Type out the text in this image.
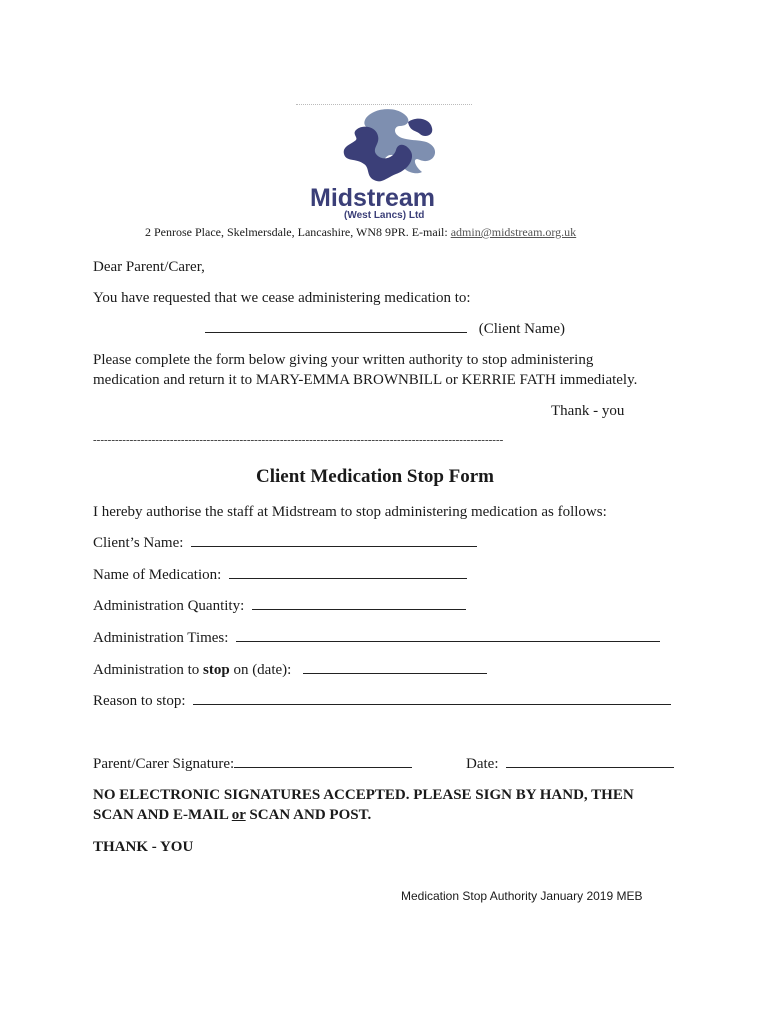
Midstream
(West Lancs) Ltd
2 Penrose Place, Skelmersdale, Lancashire, WN8 9PR. E-mail: admin@midstream.org.uk
Dear Parent/Carer,
You have requested that we cease administering medication to:
(Client Name)
Please complete the form below giving your written authority to stop administering
medication and return it to MARY-EMMA BROWNBILL or KERRIE FATH immediately.
Thank - you
----------------------------------------------------------------------------------------------------------------
Client Medication Stop Form
I hereby authorise the staff at Midstream to stop administering medication as follows:
Client’s Name:
Name of Medication:
Administration Quantity:
Administration Times:
Administration to stop on (date):
Reason to stop:
Parent/Carer Signature:	Date:
NO ELECTRONIC SIGNATURES ACCEPTED. PLEASE SIGN BY HAND, THEN
SCAN AND E-MAIL or SCAN AND POST.
THANK - YOU
Medication Stop Authority January 2019 MEB
